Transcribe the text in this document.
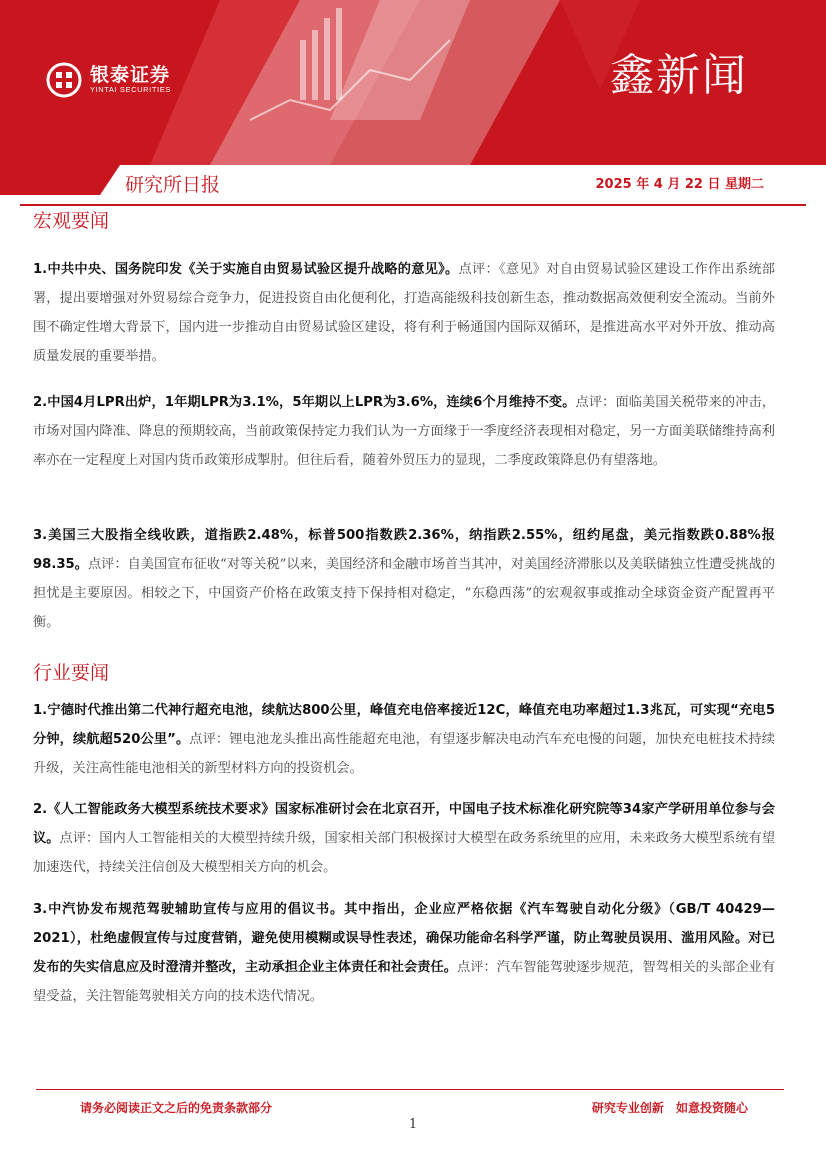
银泰证券
YINTAI SECURITIES	鑫新闻
研究所日报	2025 年 4 月 22 日 星期二
宏观要闻
1.中共中央、国务院印发《关于实施自由贸易试验区提升战略的意见》。点评：《意见》对自由贸易试验区建设工作作出系统部署，提出要增强对外贸易综合竞争力，促进投资自由化便利化，打造高能级科技创新生态，推动数据高效便利安全流动。当前外围不确定性增大背景下，国内进一步推动自由贸易试验区建设，将有利于畅通国内国际双循环，是推进高水平对外开放、推动高质量发展的重要举措。
2.中国4月LPR出炉，1年期LPR为3.1%，5年期以上LPR为3.6%，连续6个月维持不变。点评：面临美国关税带来的冲击，市场对国内降准、降息的预期较高，当前政策保持定力我们认为一方面缘于一季度经济表现相对稳定，另一方面美联储维持高利率亦在一定程度上对国内货币政策形成掣肘。但往后看，随着外贸压力的显现，二季度政策降息仍有望落地。
3.美国三大股指全线收跌，道指跌2.48%，标普500指数跌2.36%，纳指跌2.55%，纽约尾盘，美元指数跌0.88%报98.35。点评：自美国宣布征收“对等关税”以来，美国经济和金融市场首当其冲，对美国经济滞胀以及美联储独立性遭受挑战的担忧是主要原因。相较之下，中国资产价格在政策支持下保持相对稳定，“东稳西荡”的宏观叙事或推动全球资金资产配置再平衡。
行业要闻
1.宁德时代推出第二代神行超充电池，续航达800公里，峰值充电倍率接近12C，峰值充电功率超过1.3兆瓦，可实现“充电5分钟，续航超520公里”。点评：锂电池龙头推出高性能超充电池，有望逐步解决电动汽车充电慢的问题，加快充电桩技术持续升级，关注高性能电池相关的新型材料方向的投资机会。
2.《人工智能政务大模型系统技术要求》国家标准研讨会在北京召开，中国电子技术标准化研究院等34家产学研用单位参与会议。点评：国内人工智能相关的大模型持续升级，国家相关部门积极探讨大模型在政务系统里的应用，未来政务大模型系统有望加速迭代，持续关注信创及大模型相关方向的机会。
3.中汽协发布规范驾驶辅助宣传与应用的倡议书。其中指出，企业应严格依据《汽车驾驶自动化分级》（GB/T 40429—2021），杜绝虚假宣传与过度营销，避免使用模糊或误导性表述，确保功能命名科学严谨，防止驾驶员误用、滥用风险。对已发布的失实信息应及时澄清并整改，主动承担企业主体责任和社会责任。点评：汽车智能驾驶逐步规范，智驾相关的头部企业有望受益，关注智能驾驶相关方向的技术迭代情况。
请务必阅读正文之后的免责条款部分	研究专业创新 如意投资随心
1
